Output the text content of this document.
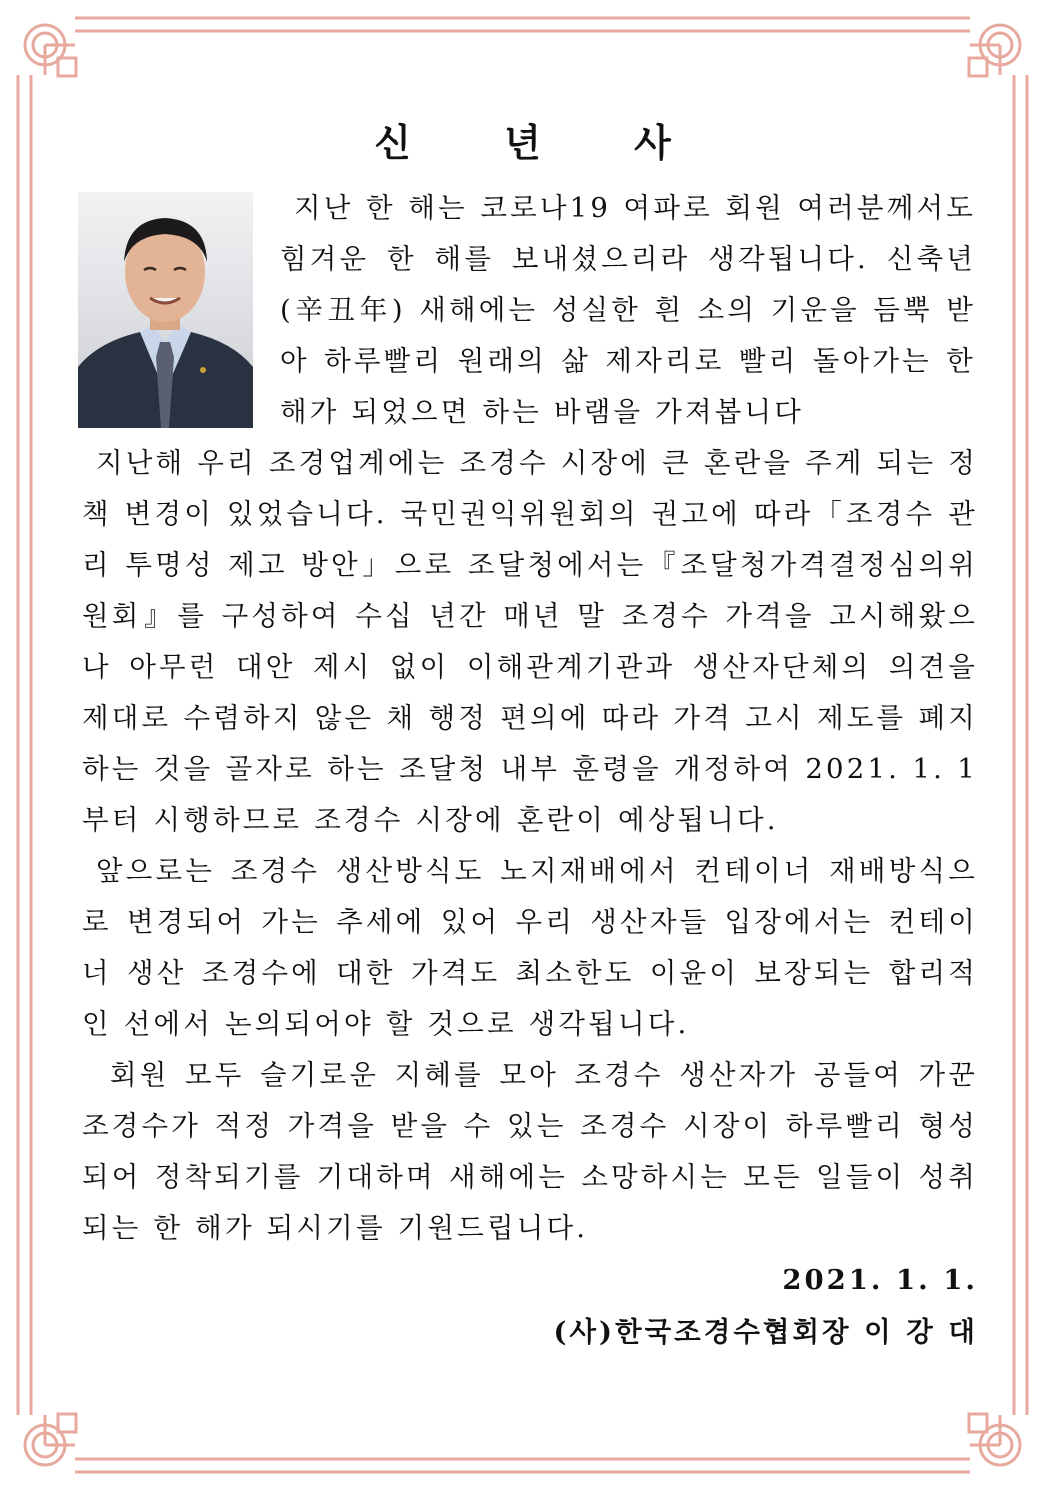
신 년 사

지난 한 해는 코로나19 여파로 회원 여러분께서도 힘겨운 한 해를 보내셨으리라 생각됩니다. 신축년(辛丑年) 새해에는 성실한 흰 소의 기운을 듬뿍 받아 하루빨리 원래의 삶 제자리로 빨리 돌아가는 한 해가 되었으면 하는 바램을 가져봅니다

지난해 우리 조경업계에는 조경수 시장에 큰 혼란을 주게 되는 정책 변경이 있었습니다. 국민권익위원회의 권고에 따라「조경수 관리 투명성 제고 방안」으로 조달청에서는『조달청가격결정심의위원회』를 구성하여 수십 년간 매년 말 조경수 가격을 고시해왔으나 아무런 대안 제시 없이 이해관계기관과 생산자단체의 의견을 제대로 수렴하지 않은 채 행정 편의에 따라 가격 고시 제도를 폐지하는 것을 골자로 하는 조달청 내부 훈령을 개정하여 2021. 1. 1부터 시행하므로 조경수 시장에 혼란이 예상됩니다.

앞으로는 조경수 생산방식도 노지재배에서 컨테이너 재배방식으로 변경되어 가는 추세에 있어 우리 생산자들 입장에서는 컨테이너 생산 조경수에 대한 가격도 최소한도 이윤이 보장되는 합리적인 선에서 논의되어야 할 것으로 생각됩니다.

회원 모두 슬기로운 지혜를 모아 조경수 생산자가 공들여 가꾼 조경수가 적정 가격을 받을 수 있는 조경수 시장이 하루빨리 형성되어 정착되기를 기대하며 새해에는 소망하시는 모든 일들이 성취되는 한 해가 되시기를 기원드립니다.

2021. 1. 1.
(사)한국조경수협회장 이 강 대
